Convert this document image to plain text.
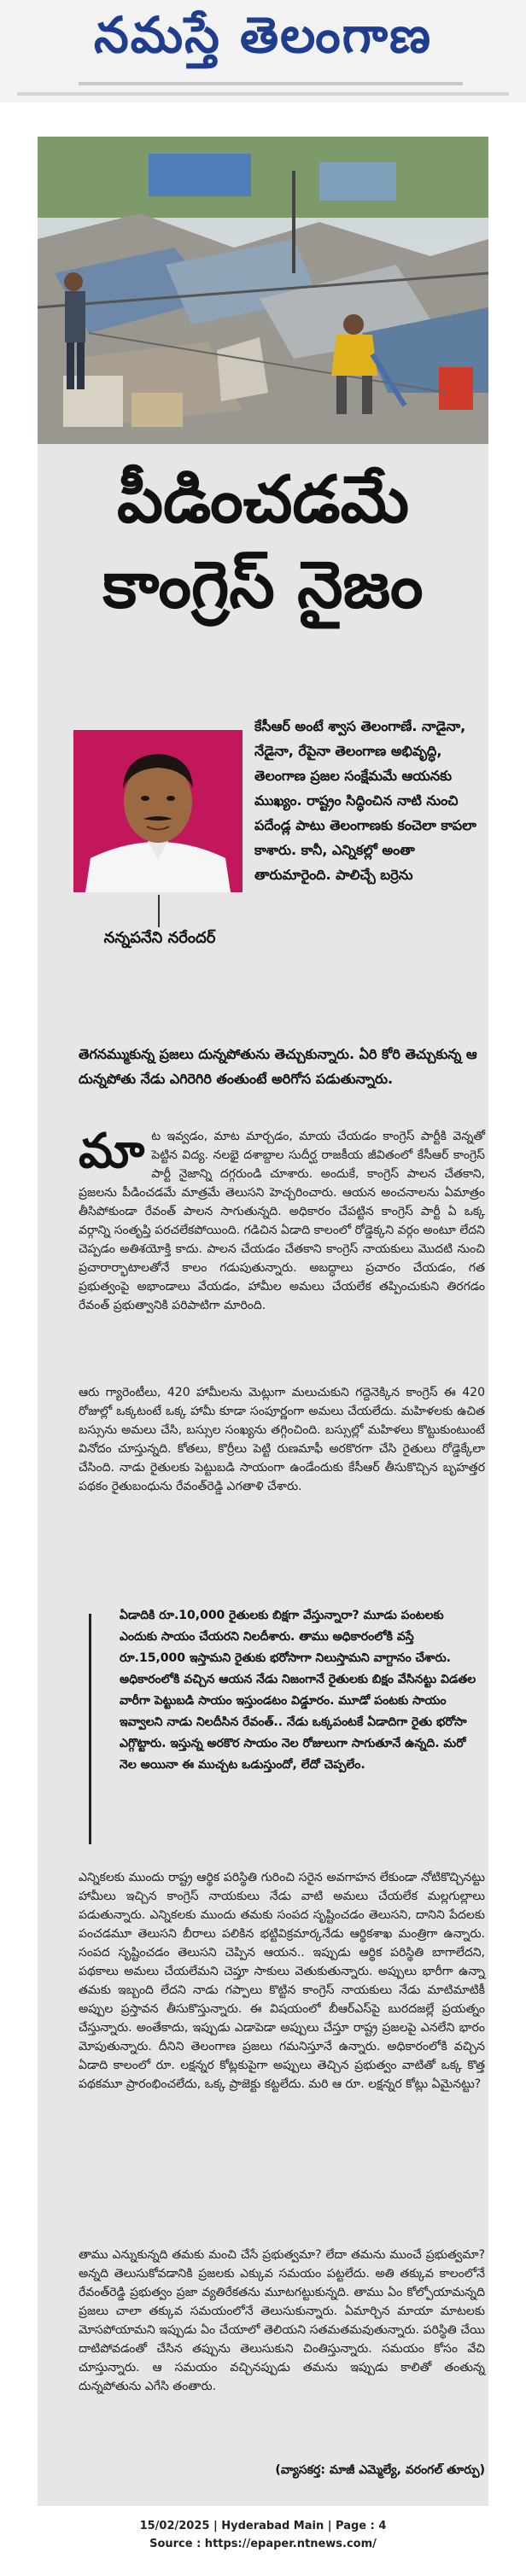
నమస్తే తెలంగాణ
పీడించడమే
కాంగ్రెస్ నైజం
నన్నపనేని నరేందర్

కేసీఆర్ అంటే శ్వాస తెలంగాణే. నాడైనా, నేడైనా, రేపైనా తెలంగాణ అభివృద్ధి, తెలంగాణ ప్రజల సంక్షేమమే ఆయనకు ముఖ్యం. రాష్ట్రం సిద్ధించిన నాటి నుంచి పదేండ్ల పాటు తెలంగాణకు కంచెలా కాపలా కాశారు. కానీ, ఎన్నికల్లో అంతా తారుమారైంది. పాలిచ్చే బర్రెను

తెగనమ్ముకున్న ప్రజలు దున్నపోతును తెచ్చుకున్నారు. ఏరి కోరి తెచ్చుకున్న ఆ దున్నపోతు నేడు ఎగిరెగిరి తంతుంటే అరిగోస పడుతున్నారు.

మా ట ఇవ్వడం, మాట మార్చడం, మాయ చేయడం కాంగ్రెస్ పార్టీకి వెన్నతో పెట్టిన విద్య. నలభై దశాబ్దాల సుదీర్ఘ రాజకీయ జీవితంలో కేసీఆర్ కాంగ్రెస్ పార్టీ నైజాన్ని దగ్గరుండి చూశారు. అందుకే, కాంగ్రెస్ పాలన చేతకాని, ప్రజలను పీడించడమే మాత్రమే తెలుసని హెచ్చరించారు. ఆయన అంచనాలను ఏమాత్రం తీసిపోకుండా రేవంత్ పాలన సాగుతున్నది. అధికారం చేపట్టిన కాంగ్రెస్ పార్టీ ఏ ఒక్క వర్గాన్ని సంతృప్తి పరచలేకపోయింది. గడిచిన ఏడాది కాలంలో రోడ్డెక్కని వర్గం అంటూ లేదని చెప్పడం అతిశయోక్తి కాదు. పాలన చేయడం చేతకాని కాంగ్రెస్ నాయకులు మొదటి నుంచి ప్రచారార్భాటాలతోనే కాలం గడుపుతున్నారు. అబద్ధాలు ప్రచారం చేయడం, గత ప్రభుత్వంపై అభాండాలు వేయడం, హామీల అమలు చేయలేక తప్పించుకుని తిరగడం రేవంత్ ప్రభుత్వానికి పరిపాటిగా మారింది.

ఆరు గ్యారెంటీలు, 420 హామీలను మెట్లుగా మలుచుకుని గద్దెనెక్కిన కాంగ్రెస్ ఈ 420 రోజుల్లో ఒక్కటంటే ఒక్క హామీ కూడా సంపూర్ణంగా అమలు చేయలేదు. మహిళలకు ఉచిత బస్సును అమలు చేసి, బస్సుల సంఖ్యను తగ్గించింది. బస్సుల్లో మహిళలు కొట్టుకుంటుంటే వినోదం చూస్తున్నది. కోతలు, కొర్రీలు పెట్టి రుణమాఫీ అరకొరగా చేసి రైతులు రోడ్డెక్కేలా చేసింది. నాడు రైతులకు పెట్టుబడి సాయంగా ఉండేందుకు కేసీఆర్ తీసుకొచ్చిన బృహత్తర పథకం రైతుబంధును రేవంత్‌రెడ్డి ఎగతాళి చేశారు.

ఏడాదికి రూ.10,000 రైతులకు బిక్షగా వేస్తున్నారా? మూడు పంటలకు ఎందుకు సాయం చేయరని నిలదీశారు. తాము అధికారంలోకి వస్తే రూ.15,000 ఇస్తామని రైతుకు భరోసాగా నిలుస్తామని వాగ్దానం చేశారు. అధికారంలోకి వచ్చిన ఆయన నేడు నిజంగానే రైతులకు బిక్షం వేసినట్టు విడతల వారీగా పెట్టుబడి సాయం ఇస్తుండటం విడ్డూరం. మూడో పంటకు సాయం ఇవ్వాలని నాడు నిలదీసిన రేవంత్.. నేడు ఒక్కపంటకే ఏడాదిగా రైతు భరోసా ఎగ్గొట్టారు. ఇస్తున్న అరకొర సాయం నెల రోజులుగా సాగుతూనే ఉన్నది. మరో నెల అయినా ఈ ముచ్చట ఒడుస్తుందో, లేదో చెప్పలేం.

ఎన్నికలకు ముందు రాష్ట్ర ఆర్థిక పరిస్థితి గురించి సరైన అవగాహన లేకుండా నోటికొచ్చినట్టు హామీలు ఇచ్చిన కాంగ్రెస్ నాయకులు నేడు వాటి అమలు చేయలేక మల్లగుల్లాలు పడుతున్నారు. ఎన్నికలకు ముందు తమకు సంపద సృష్టించడం తెలుసని, దానిని పేదలకు పంచడమూ తెలుసని బీరాలు పలికిన భట్టివిక్రమార్కనేడు ఆర్థికశాఖ మంత్రిగా ఉన్నారు. సంపద సృష్టించడం తెలుసని చెప్పిన ఆయన.. ఇప్పుడు ఆర్థిక పరిస్థితి బాగాలేదని, పథకాలు అమలు చేయలేమని చెప్తూ సాకులు వెతుకుతున్నారు. అప్పులు భారీగా ఉన్నా తమకు ఇబ్బంది లేదని నాడు గప్పాలు కొట్టిన కాంగ్రెస్ నాయకులు నేడు మాటిమాటికీ అప్పుల ప్రస్తావన తీసుకొస్తున్నారు. ఈ విషయంలో బీఆర్ఎస్‌పై బురదజల్లే ప్రయత్నం చేస్తున్నారు. అంతేకాదు, ఇప్పుడు ఎడాపెడా అప్పులు చేస్తూ రాష్ట్ర ప్రజలపై ఎనలేని భారం మోపుతున్నారు. దీనిని తెలంగాణ ప్రజలు గమనిస్తూనే ఉన్నారు. అధికారంలోకి వచ్చిన ఏడాది కాలంలో రూ. లక్షన్నర కోట్లకుపైగా అప్పులు తెచ్చిన ప్రభుత్వం వాటితో ఒక్క కొత్త పథకమూ ప్రారంభించలేదు, ఒక్క ప్రాజెక్టు కట్టలేదు. మరి ఆ రూ. లక్షన్నర కోట్లు ఏమైనట్టు?

తాము ఎన్నుకున్నది తమకు మంచి చేసే ప్రభుత్వమా? లేదా తమను ముంచే ప్రభుత్వమా? అన్నది తెలుసుకోవడానికి ప్రజలకు ఎక్కువ సమయం పట్టలేదు. అతి తక్కువ కాలంలోనే రేవంత్‌రెడ్డి ప్రభుత్వం ప్రజా వ్యతిరేకతను మూటగట్టుకున్నది. తాము ఏం కోల్పోయామన్నది ప్రజలు చాలా తక్కువ సమయంలోనే తెలుసుకున్నారు. ఏమార్చిన మాయా మాటలకు మోసపోయామని ఇప్పుడు ఏం చేయాలో తెలియని సతమతమవుతున్నారు. పరిస్థితి చేయి దాటిపోవడంతో చేసిన తప్పును తెలుసుకుని చింతిస్తున్నారు. సమయం కోసం వేచి చూస్తున్నారు. ఆ సమయం వచ్చినప్పుడు తమను ఇప్పుడు కాలితో తంతున్న దున్నపోతును ఎగేసి తంతారు.

(వ్యాసకర్త: మాజీ ఎమ్మెల్యే, వరంగల్ తూర్పు)

15/02/2025 | Hyderabad Main | Page : 4
Source : https://epaper.ntnews.com/
